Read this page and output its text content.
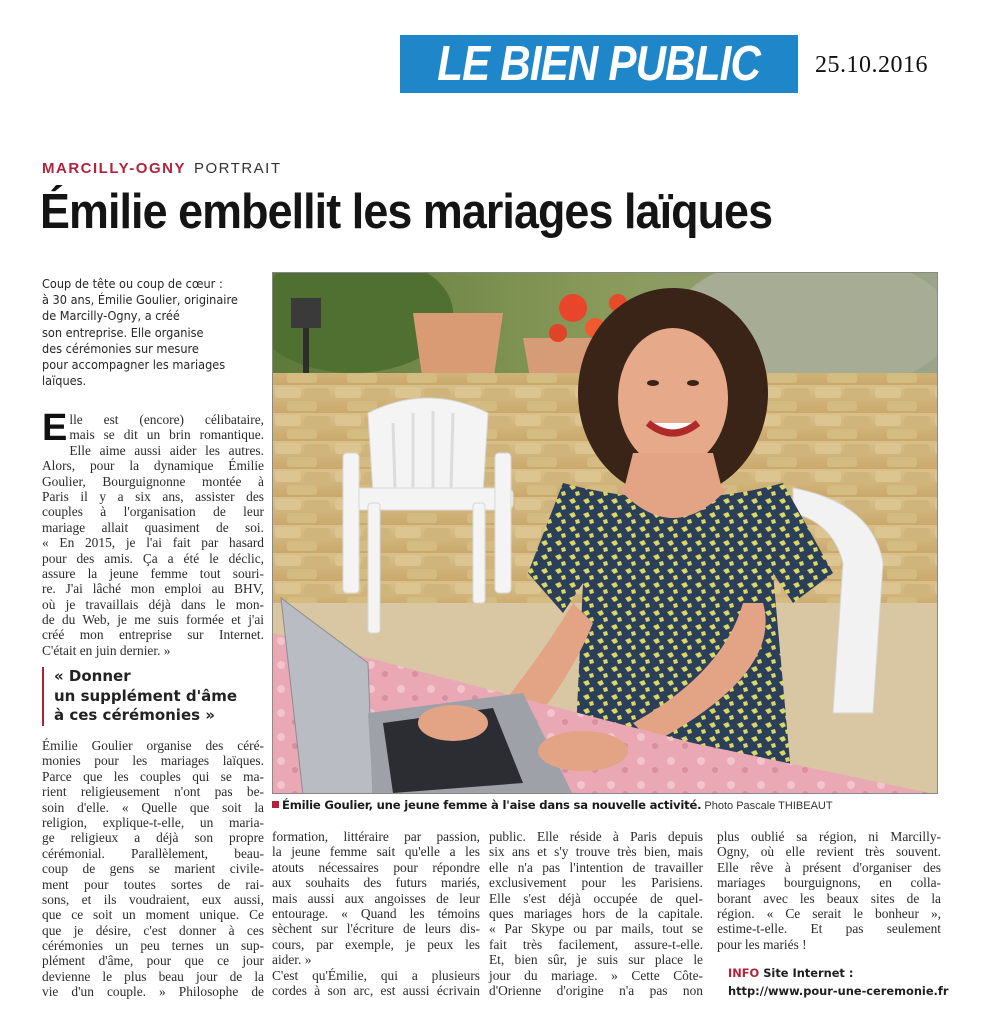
LE BIEN PUBLIC 25.10.2016
MARCILLY-OGNY PORTRAIT
Émilie embellit les mariages laïques
Coup de tête ou coup de cœur :
à 30 ans, Émilie Goulier, originaire
de Marcilly-Ogny, a créé
son entreprise. Elle organise
des cérémonies sur mesure
pour accompagner les mariages
laïques.
E lle est (encore) célibataire,
mais se dit un brin romantique.
Elle aime aussi aider les autres.
Alors, pour la dynamique Émilie
Goulier, Bourguignonne montée à
Paris il y a six ans, assister des
couples à l'organisation de leur
mariage allait quasiment de soi.
« En 2015, je l'ai fait par hasard
pour des amis. Ça a été le déclic,
assure la jeune femme tout souri-
re. J'ai lâché mon emploi au BHV,
où je travaillais déjà dans le mon-
de du Web, je me suis formée et j'ai
créé mon entreprise sur Internet.
C'était en juin dernier. »
« Donner
un supplément d'âme
à ces cérémonies »
Émilie Goulier organise des céré-
monies pour les mariages laïques.
Parce que les couples qui se ma-
rient religieusement n'ont pas be-
soin d'elle. « Quelle que soit la
religion, explique-t-elle, un maria-
ge religieux a déjà son propre
cérémonial. Parallèlement, beau-
coup de gens se marient civile-
ment pour toutes sortes de rai-
sons, et ils voudraient, eux aussi,
que ce soit un moment unique. Ce
que je désire, c'est donner à ces
cérémonies un peu ternes un sup-
plément d'âme, pour que ce jour
devienne le plus beau jour de la
vie d'un couple. » Philosophe de
Émilie Goulier, une jeune femme à l'aise dans sa nouvelle activité. Photo Pascale THIBEAUT
formation, littéraire par passion,
la jeune femme sait qu'elle a les
atouts nécessaires pour répondre
aux souhaits des futurs mariés,
mais aussi aux angoisses de leur
entourage. « Quand les témoins
sèchent sur l'écriture de leurs dis-
cours, par exemple, je peux les
aider. »
C'est qu'Émilie, qui a plusieurs
cordes à son arc, est aussi écrivain
public. Elle réside à Paris depuis
six ans et s'y trouve très bien, mais
elle n'a pas l'intention de travailler
exclusivement pour les Parisiens.
Elle s'est déjà occupée de quel-
ques mariages hors de la capitale.
« Par Skype ou par mails, tout se
fait très facilement, assure-t-elle.
Et, bien sûr, je suis sur place le
jour du mariage. » Cette Côte-
d'Orienne d'origine n'a pas non
plus oublié sa région, ni Marcilly-
Ogny, où elle revient très souvent.
Elle rêve à présent d'organiser des
mariages bourguignons, en colla-
borant avec les beaux sites de la
région. « Ce serait le bonheur »,
estime-t-elle. Et pas seulement
pour les mariés !
INFO Site Internet :
http://www.pour-une-ceremonie.fr
